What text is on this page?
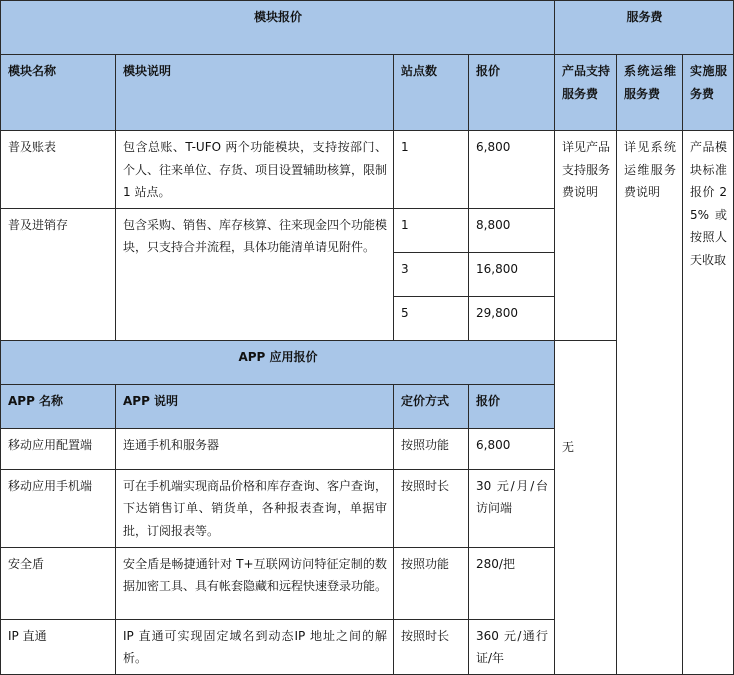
模块报价				服务费		
模块名称	模块说明	站点数	报价	产品支持服务费	系统运维服务费	实施服务费
普及账表	包含总账、T-UFO 两个功能模块，支持按部门、个人、往来单位、存货、项目设置辅助核算，限制 1 站点。	1	6,800	详见产品支持服务费说明	详见系统运维服务费说明	产品模块标准报价 25% 或按照人天收取
普及进销存	包含采购、销售、库存核算、往来现金四个功能模块，只支持合并流程，具体功能清单请见附件。	1	8,800			
		3	16,800			
		5	29,800			
APP 应用报价				无		
APP 名称	APP 说明	定价方式	报价			
移动应用配置端	连通手机和服务器	按照功能	6,800			
移动应用手机端	可在手机端实现商品价格和库存查询、客户查询，下达销售订单、销货单，各种报表查询，单据审批，订阅报表等。	按照时长	30 元/月/台访问端			
安全盾	安全盾是畅捷通针对 T+互联网访问特征定制的数据加密工具、具有帐套隐藏和远程快速登录功能。	按照功能	280/把			
IP 直通	IP 直通可实现固定域名到动态IP 地址之间的解析。	按照时长	360 元/通行证/年			
